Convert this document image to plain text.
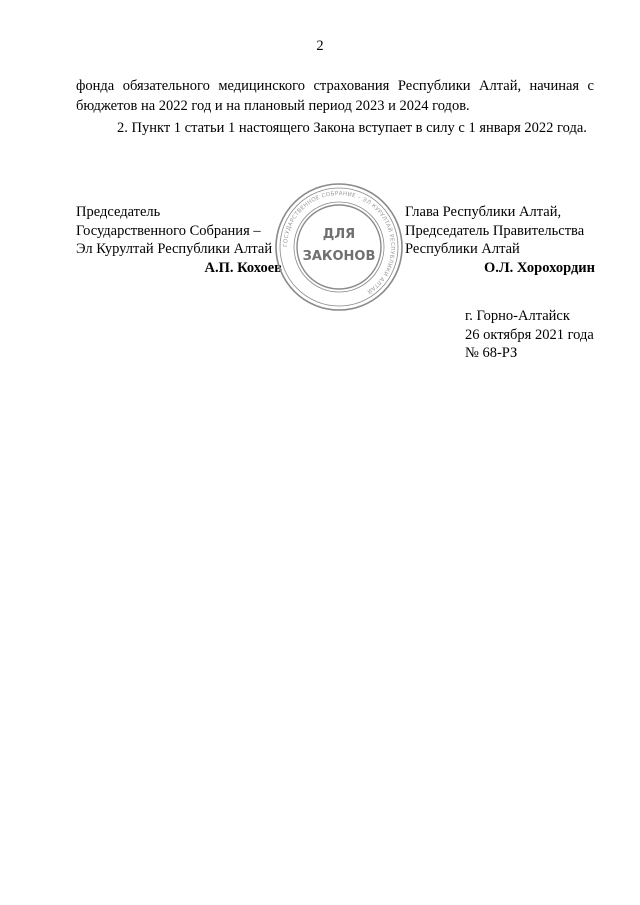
2
фонда обязательного медицинского страхования Республики Алтай, начиная с бюджетов на 2022 год и на плановый период 2023 и 2024 годов.
2. Пункт 1 статьи 1 настоящего Закона вступает в силу с 1 января 2022 года.
Председатель
Государственного Собрания –
Эл Курултай Республики Алтай
А.П. Кохоев
ГОСУДАРСТВЕННОЕ СОБРАНИЕ – ЭЛ КУРУЛТАЙ РЕСПУБЛИКИ АЛТАЙ
ДЛЯ
ЗАКОНОВ
Глава Республики Алтай,
Председатель Правительства
Республики Алтай
О.Л. Хорохордин
г. Горно-Алтайск
26 октября 2021 года
№ 68-РЗ
